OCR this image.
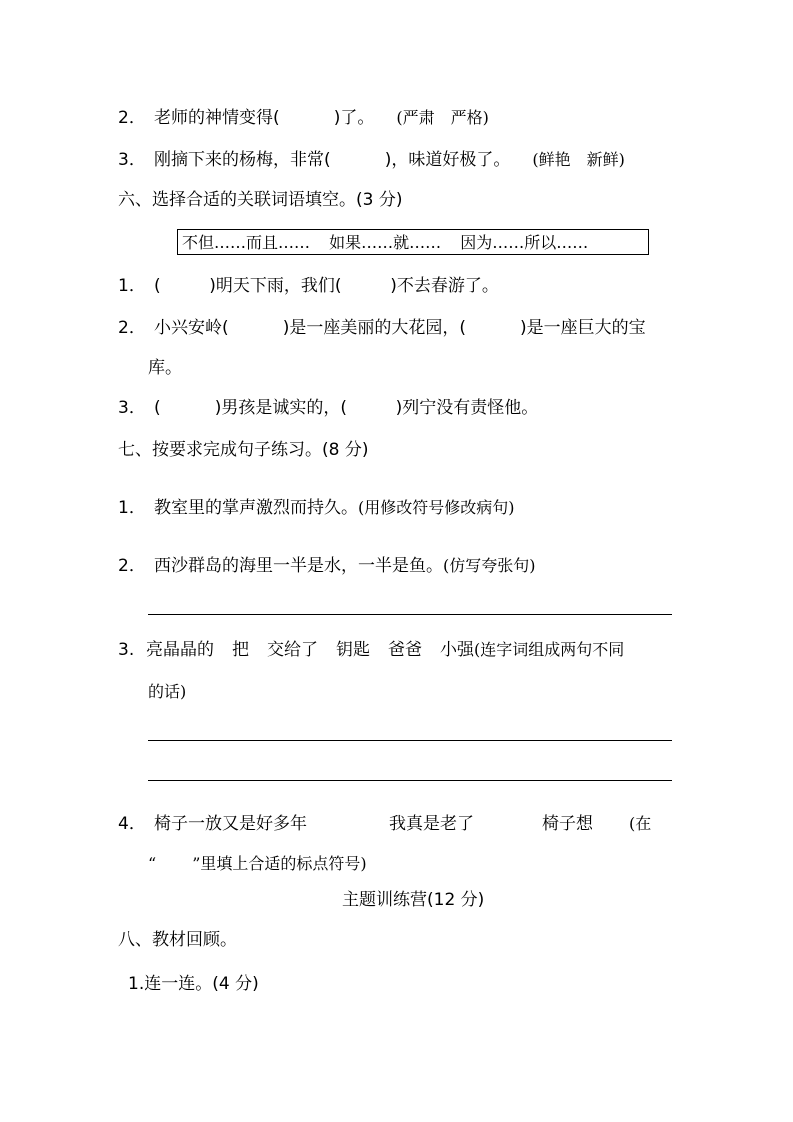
2． 老师的神情变得(	)了。 (严肃　严格)
3． 刚摘下来的杨梅，非常(	)，味道好极了。 (鲜艳　新鲜)
六、选择合适的关联词语填空。(3 分)
不但……而且…… 如果……就…… 因为……所以……
1． (	)明天下雨，我们(	)不去春游了。
2． 小兴安岭(	)是一座美丽的大花园，(	)是一座巨大的宝
库。
3． (	)男孩是诚实的，(	)列宁没有责怪他。
七、按要求完成句子练习。(8 分)
1． 教室里的掌声激烈而持久。(用修改符号修改病句)
2． 西沙群岛的海里一半是水，一半是鱼。(仿写夸张句)
3. 亮晶晶的 把 交给了 钥匙 爸爸 小强(连字词组成两句不同
的话)
4． 椅子一放又是好多年	我真是老了	椅子想 (在
“ ”里填上合适的标点符号)
主题训练营(12 分)
八、教材回顾。
1.连一连。(4 分)
